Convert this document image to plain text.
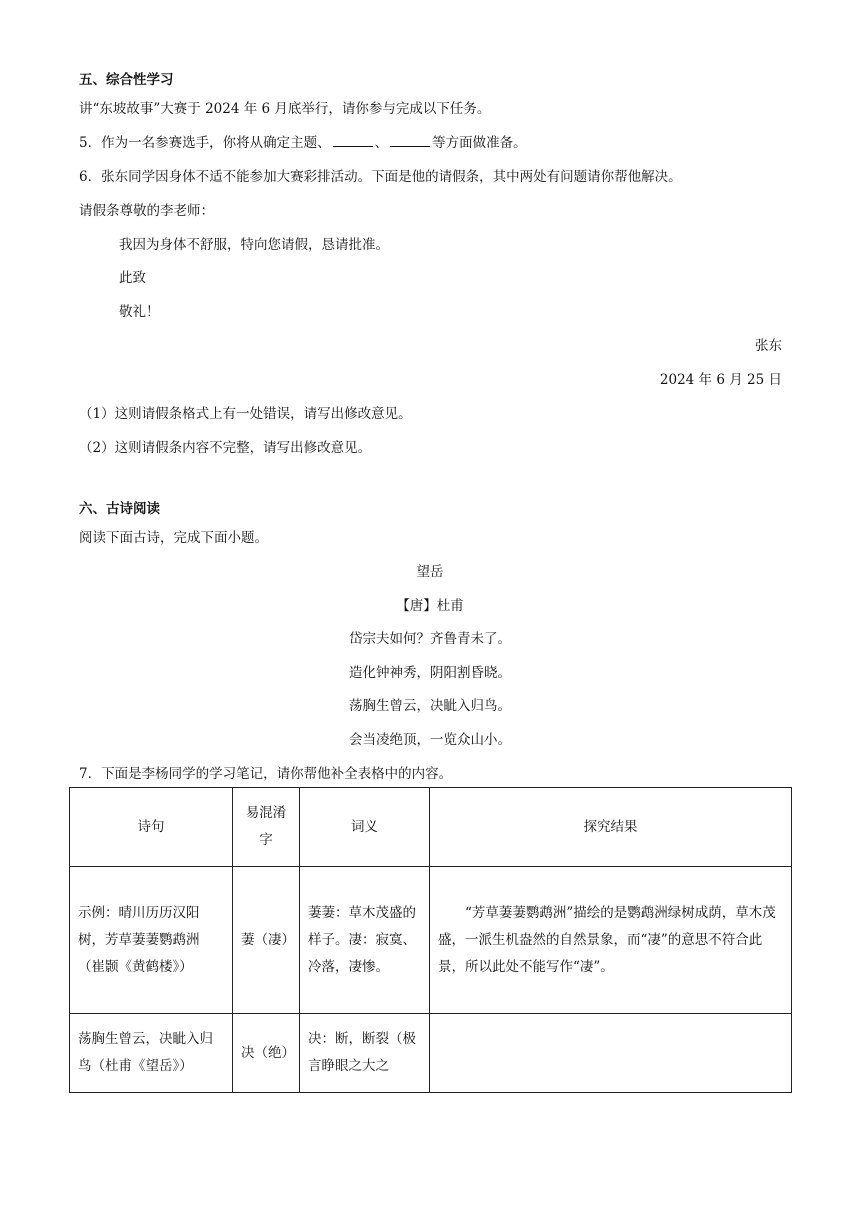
五、综合性学习
讲“东坡故事”大赛于 2024 年 6 月底举行，请你参与完成以下任务。
5．作为一名参赛选手，你将从确定主题、	、	等方面做准备。
6．张东同学因身体不适不能参加大赛彩排活动。下面是他的请假条，其中两处有问题请你帮他解决。
请假条尊敬的李老师：
我因为身体不舒服，特向您请假，恳请批准。
此致
敬礼！
张东
2024 年 6 月 25 日
（1）这则请假条格式上有一处错误，请写出修改意见。
（2）这则请假条内容不完整，请写出修改意见。
六、古诗阅读
阅读下面古诗，完成下面小题。
望岳
【唐】杜甫
岱宗夫如何？齐鲁青未了。
造化钟神秀，阴阳割昏晓。
荡胸生曾云，决眦入归鸟。
会当凌绝顶，一览众山小。
7．下面是李杨同学的学习笔记，请你帮他补全表格中的内容。
诗句	易混淆字	词义	探究结果
示例：晴川历历汉阳树，芳草萋萋鹦鹉洲（崔颢《黄鹤楼》）	萋（凄）	萋萋：草木茂盛的样子。凄：寂寞、冷落，凄惨。	“芳草萋萋鹦鹉洲”描绘的是鹦鹉洲绿树成荫，草木茂盛，一派生机盎然的自然景象，而“凄”的意思不符合此景，所以此处不能写作“凄”。
荡胸生曾云，决眦入归鸟（杜甫《望岳》）	决（绝）	决：断，断裂（极言睁眼之大之	
